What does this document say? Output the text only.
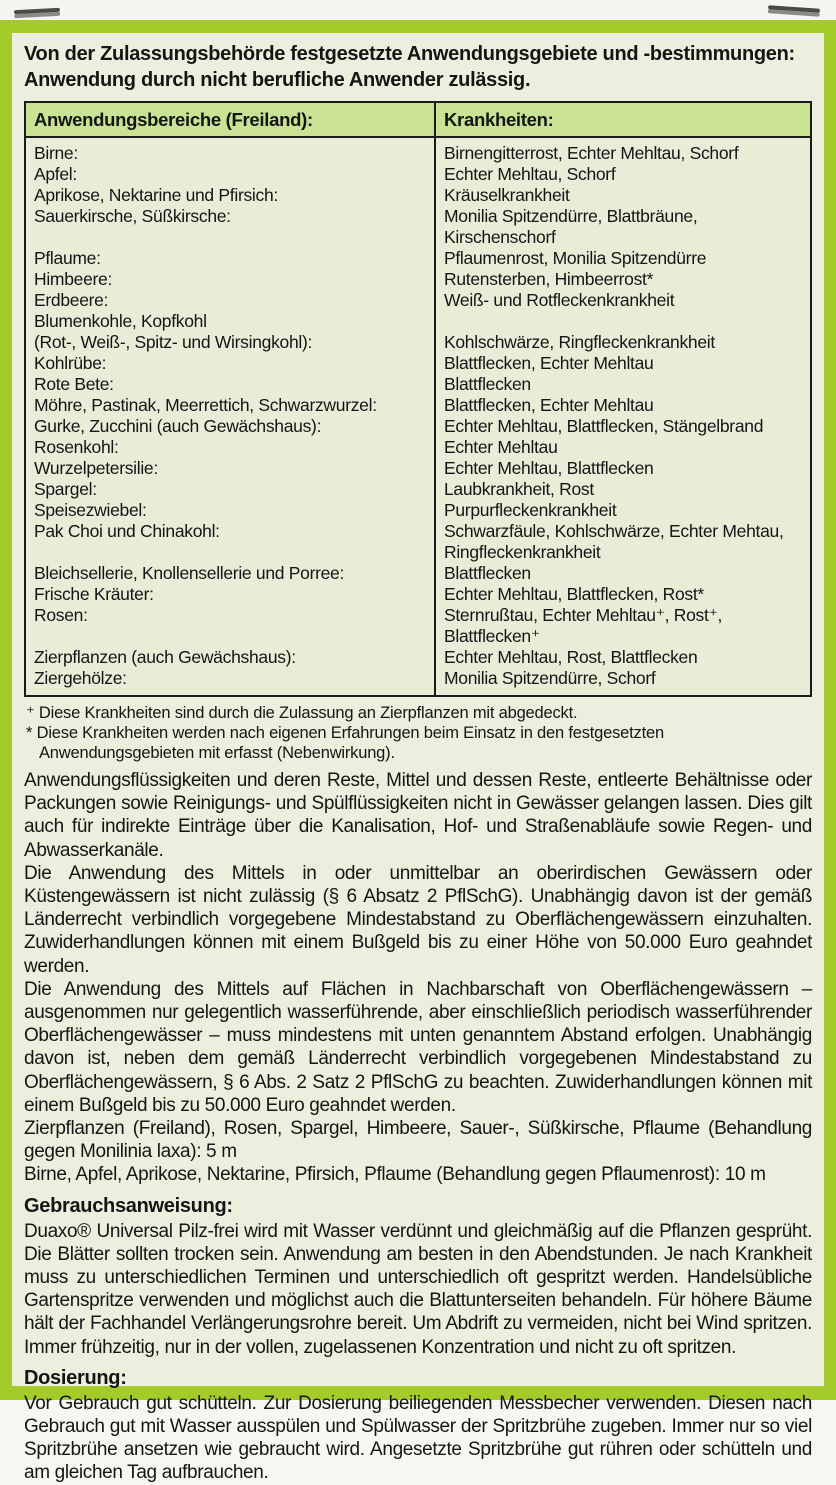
Von der Zulassungsbehörde festgesetzte Anwendungsgebiete und -bestimmungen:
Anwendung durch nicht berufliche Anwender zulässig.
Anwendungsbereiche (Freiland):
Birne:
Apfel:
Aprikose, Nektarine und Pfirsich:
Sauerkirsche, Süßkirsche:

Pflaume:
Himbeere:
Erdbeere:
Blumenkohle, Kopfkohl
(Rot-, Weiß-, Spitz- und Wirsingkohl):
Kohlrübe:
Rote Bete:
Möhre, Pastinak, Meerrettich, Schwarzwurzel:
Gurke, Zucchini (auch Gewächshaus):
Rosenkohl:
Wurzelpetersilie:
Spargel:
Speisezwiebel:
Pak Choi und Chinakohl:

Bleichsellerie, Knollensellerie und Porree:
Frische Kräuter:
Rosen:

Zierpflanzen (auch Gewächshaus):
Ziergehölze:
Krankheiten:
Birnengitterrost, Echter Mehltau, Schorf
Echter Mehltau, Schorf
Kräuselkrankheit
Monilia Spitzendürre, Blattbräune,
Kirschenschorf
Pflaumenrost, Monilia Spitzendürre
Rutensterben, Himbeerrost*
Weiß- und Rotfleckenkrankheit

Kohlschwärze, Ringfleckenkrankheit
Blattflecken, Echter Mehltau
Blattflecken
Blattflecken, Echter Mehltau
Echter Mehltau, Blattflecken, Stängelbrand
Echter Mehltau
Echter Mehltau, Blattflecken
Laubkrankheit, Rost
Purpurfleckenkrankheit
Schwarzfäule, Kohlschwärze, Echter Mehtau,
Ringfleckenkrankheit
Blattflecken
Echter Mehltau, Blattflecken, Rost*
Sternrußtau, Echter Mehltau⁺, Rost⁺,
Blattflecken⁺
Echter Mehltau, Rost, Blattflecken
Monilia Spitzendürre, Schorf
⁺ Diese Krankheiten sind durch die Zulassung an Zierpflanzen mit abgedeckt.
* Diese Krankheiten werden nach eigenen Erfahrungen beim Einsatz in den festgesetzten Anwendungsgebieten mit erfasst (Nebenwirkung).

Anwendungsflüssigkeiten und deren Reste, Mittel und dessen Reste, entleerte Behältnisse oder Packungen sowie Reinigungs- und Spülflüssigkeiten nicht in Gewässer gelangen lassen. Dies gilt auch für indirekte Einträge über die Kanalisation, Hof- und Straßenabläufe sowie Regen- und Abwasserkanäle.

Die Anwendung des Mittels in oder unmittelbar an oberirdischen Gewässern oder Küstengewässern ist nicht zulässig (§ 6 Absatz 2 PflSchG). Unabhängig davon ist der gemäß Länderrecht verbindlich vorgegebene Mindestabstand zu Oberflächengewässern einzuhalten. Zuwiderhandlungen können mit einem Bußgeld bis zu einer Höhe von 50.000 Euro geahndet werden.

Die Anwendung des Mittels auf Flächen in Nachbarschaft von Oberflächengewässern – ausgenommen nur gelegentlich wasserführende, aber einschließlich periodisch wasserführender Oberflächengewässer – muss mindestens mit unten genanntem Abstand erfolgen. Unabhängig davon ist, neben dem gemäß Länderrecht verbindlich vorgegebenen Mindestabstand zu Oberflächengewässern, § 6 Abs. 2 Satz 2 PflSchG zu beachten. Zuwiderhandlungen können mit einem Bußgeld bis zu 50.000 Euro geahndet werden.

Zierpflanzen (Freiland), Rosen, Spargel, Himbeere, Sauer-, Süßkirsche, Pflaume (Behandlung gegen Monilinia laxa): 5 m

Birne, Apfel, Aprikose, Nektarine, Pfirsich, Pflaume (Behandlung gegen Pflaumenrost): 10 m

Gebrauchsanweisung:

Duaxo® Universal Pilz-frei wird mit Wasser verdünnt und gleichmäßig auf die Pflanzen gesprüht. Die Blätter sollten trocken sein. Anwendung am besten in den Abendstunden. Je nach Krankheit muss zu unterschiedlichen Terminen und unterschiedlich oft gespritzt werden. Handelsübliche Gartenspritze verwenden und möglichst auch die Blattunterseiten behandeln. Für höhere Bäume hält der Fachhandel Verlängerungsrohre bereit. Um Abdrift zu vermeiden, nicht bei Wind spritzen. Immer frühzeitig, nur in der vollen, zugelassenen Konzentration und nicht zu oft spritzen.

Dosierung:

Vor Gebrauch gut schütteln. Zur Dosierung beiliegenden Messbecher verwenden. Diesen nach Gebrauch gut mit Wasser ausspülen und Spülwasser der Spritzbrühe zugeben. Immer nur so viel Spritzbrühe ansetzen wie gebraucht wird. Angesetzte Spritzbrühe gut rühren oder schütteln und am gleichen Tag aufbrauchen.
